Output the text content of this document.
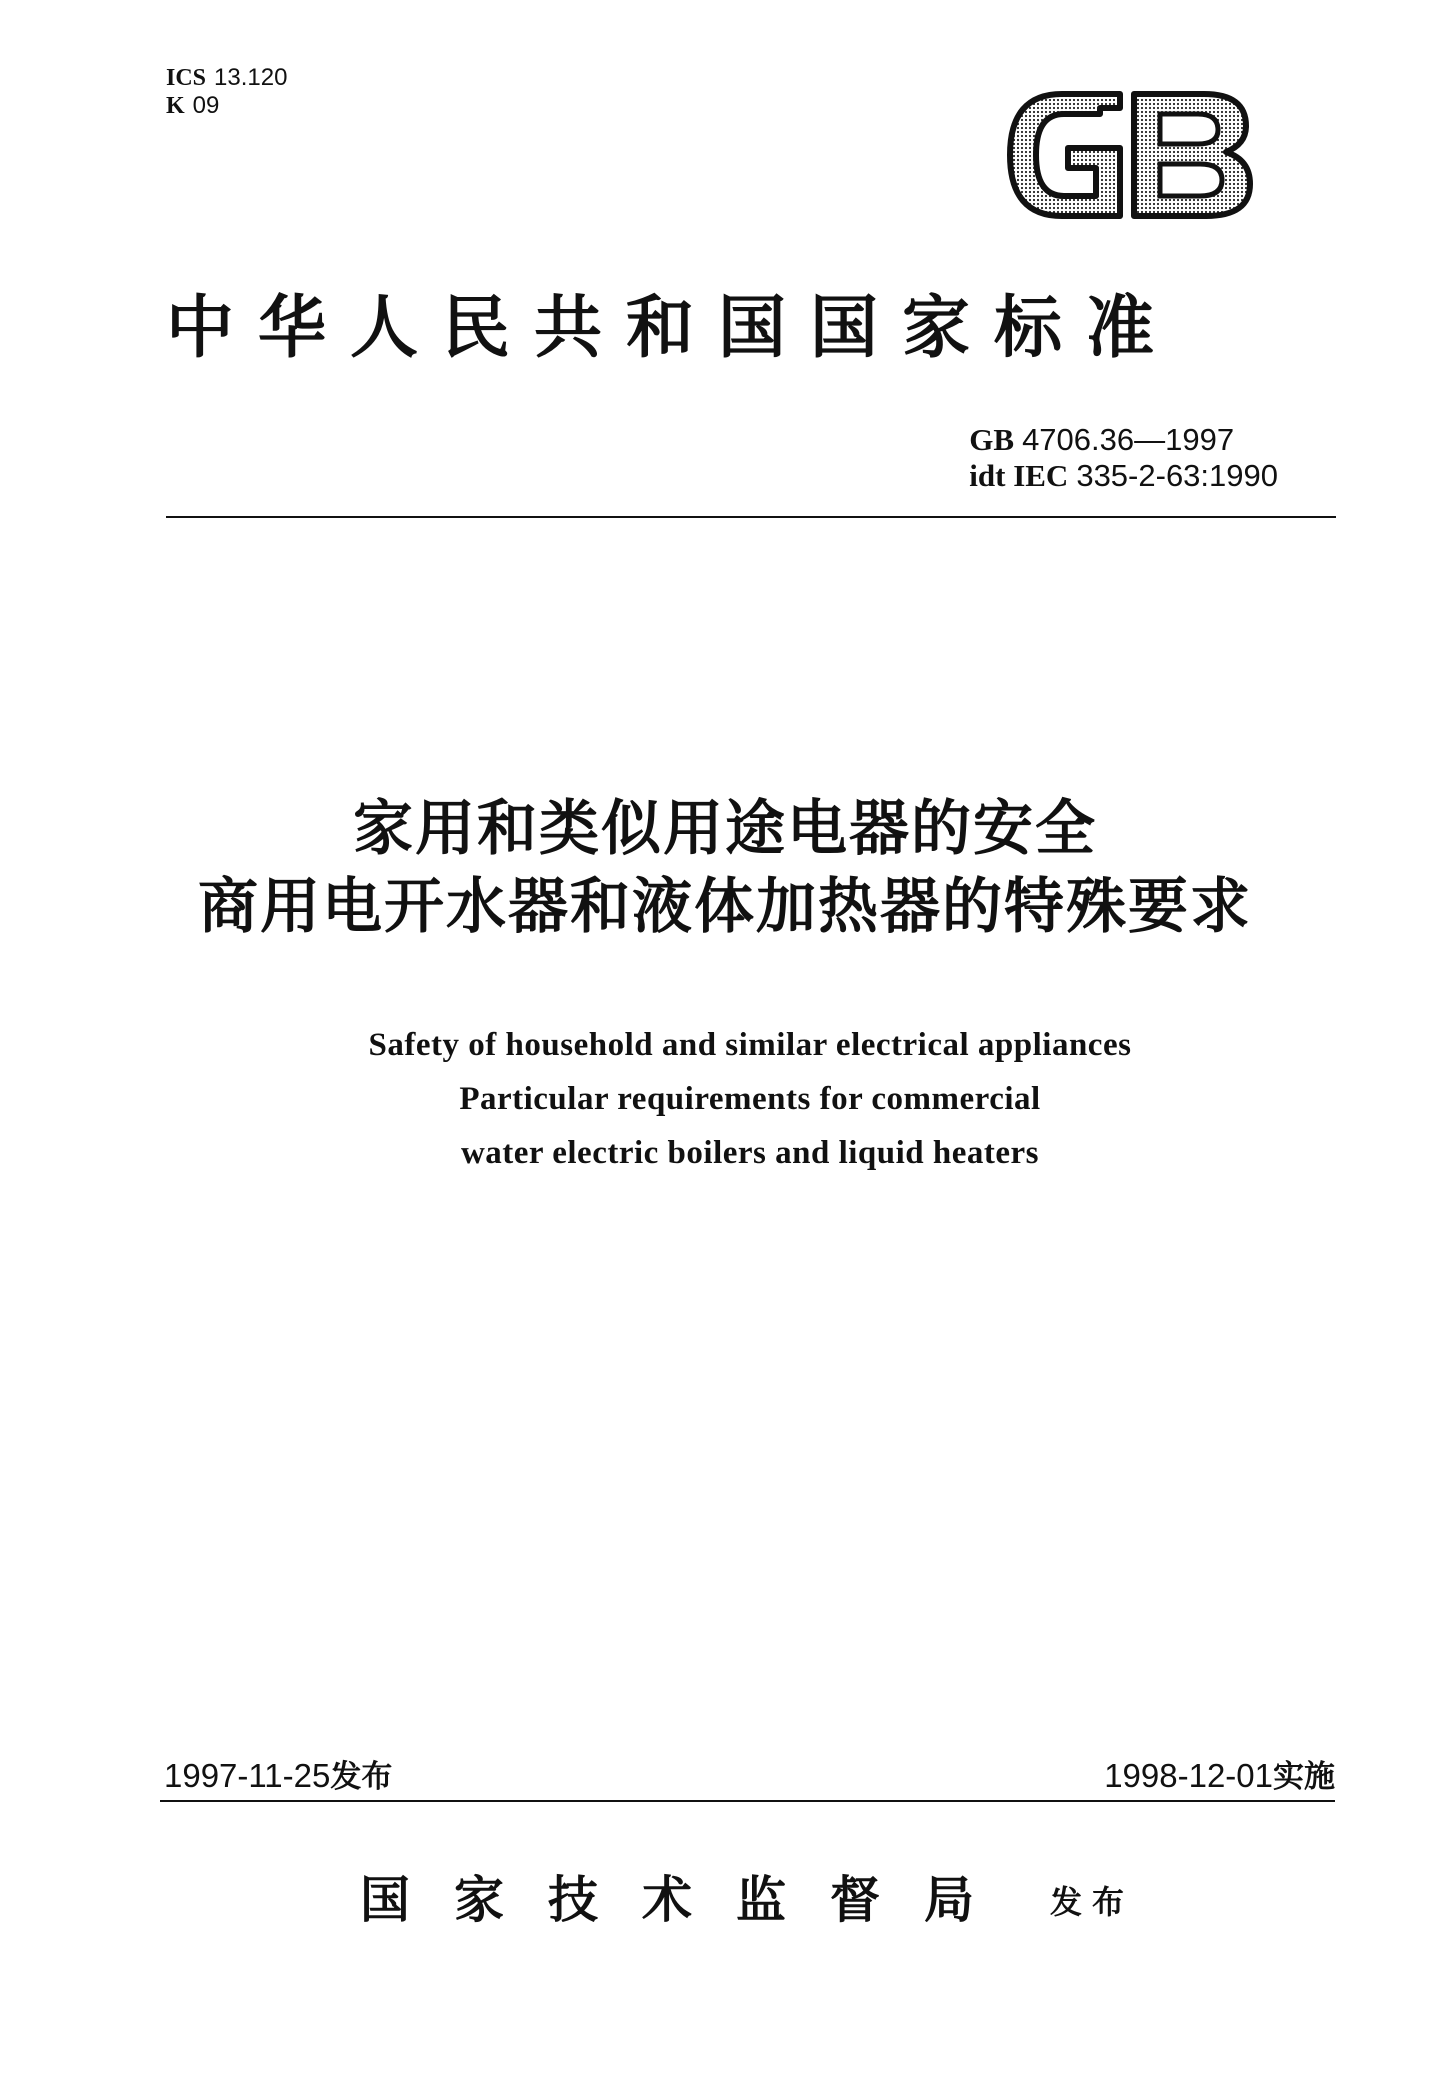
ICS 13.120
K 09
中华人民共和国国家标准
GB 4706.36—1997
idt IEC 335-2-63:1990
家用和类似用途电器的安全
商用电开水器和液体加热器的特殊要求
Safety of household and similar electrical appliances
Particular requirements for commercial
water electric boilers and liquid heaters
1997-11-25发布	1998-12-01实施
国家技术监督局 发布
